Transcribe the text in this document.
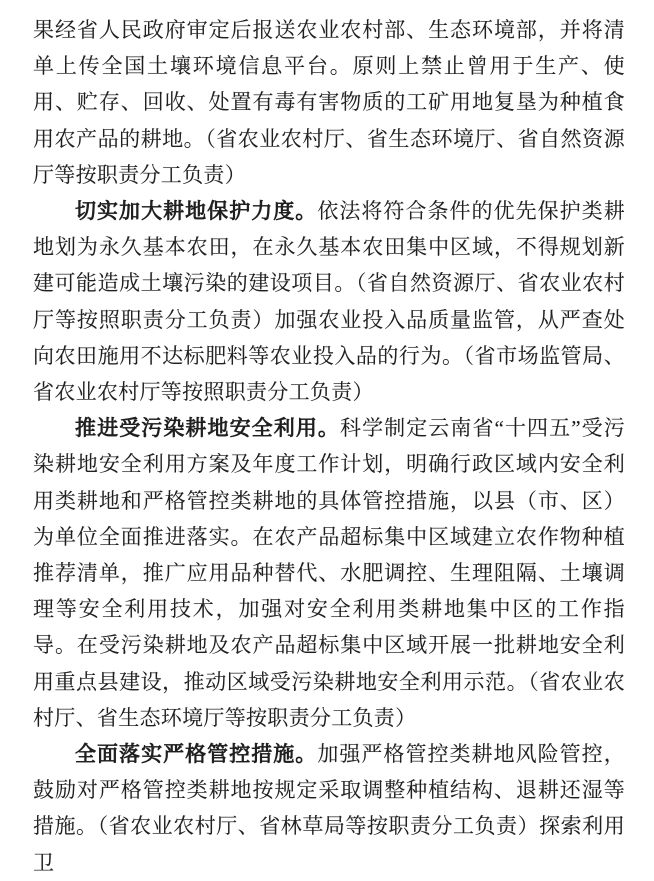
果经省人民政府审定后报送农业农村部、生态环境部，并将清单上传全国土壤环境信息平台。原则上禁止曾用于生产、使用、贮存、回收、处置有毒有害物质的工矿用地复垦为种植食用农产品的耕地。（省农业农村厅、省生态环境厅、省自然资源厅等按职责分工负责）

切实加大耕地保护力度。依法将符合条件的优先保护类耕地划为永久基本农田，在永久基本农田集中区域，不得规划新建可能造成土壤污染的建设项目。（省自然资源厅、省农业农村厅等按照职责分工负责）加强农业投入品质量监管，从严查处向农田施用不达标肥料等农业投入品的行为。（省市场监管局、省农业农村厅等按照职责分工负责）

推进受污染耕地安全利用。科学制定云南省“十四五”受污染耕地安全利用方案及年度工作计划，明确行政区域内安全利用类耕地和严格管控类耕地的具体管控措施，以县（市、区）为单位全面推进落实。在农产品超标集中区域建立农作物种植推荐清单，推广应用品种替代、水肥调控、生理阻隔、土壤调理等安全利用技术，加强对安全利用类耕地集中区的工作指导。在受污染耕地及农产品超标集中区域开展一批耕地安全利用重点县建设，推动区域受污染耕地安全利用示范。（省农业农村厅、省生态环境厅等按职责分工负责）

全面落实严格管控措施。加强严格管控类耕地风险管控，鼓励对严格管控类耕地按规定采取调整种植结构、退耕还湿等措施。（省农业农村厅、省林草局等按职责分工负责）探索利用卫
